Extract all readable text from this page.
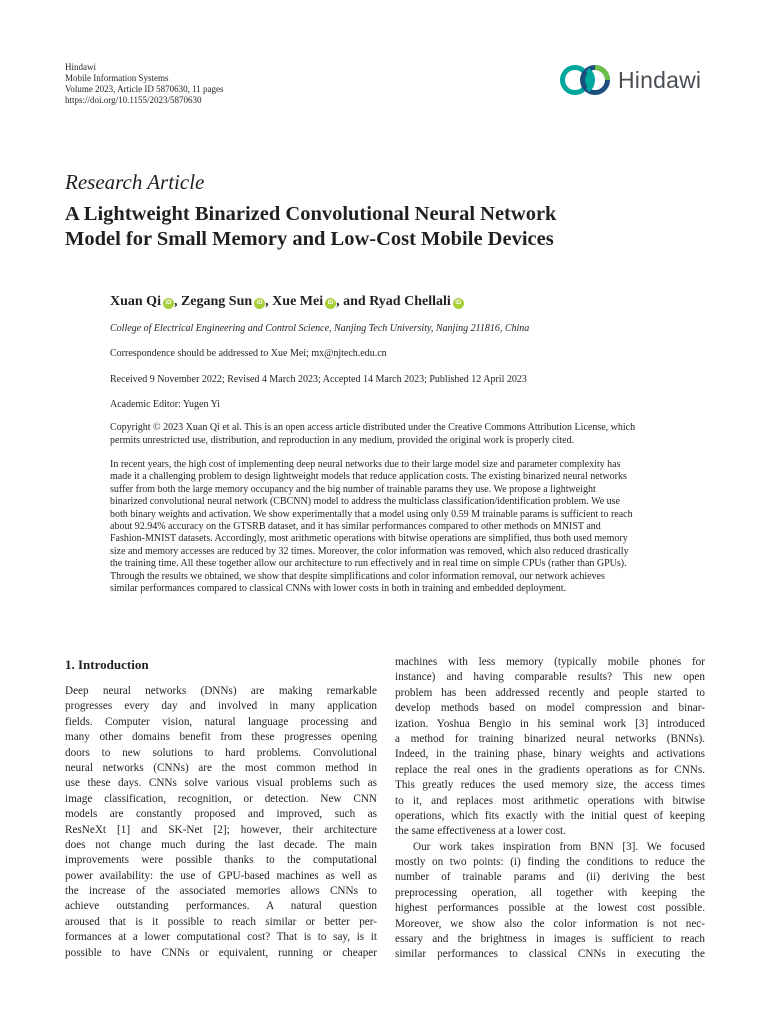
Hindawi
Mobile Information Systems
Volume 2023, Article ID 5870630, 11 pages
https://doi.org/10.1155/2023/5870630
Hindawi
Research Article
A Lightweight Binarized Convolutional Neural Network
Model for Small Memory and Low-Cost Mobile Devices
Xuan Qi iD , Zegang Sun iD , Xue Mei iD , and Ryad Chellali iD
College of Electrical Engineering and Control Science, Nanjing Tech University, Nanjing 211816, China
Correspondence should be addressed to Xue Mei; mx@njtech.edu.cn
Received 9 November 2022; Revised 4 March 2023; Accepted 14 March 2023; Published 12 April 2023
Academic Editor: Yugen Yi
Copyright © 2023 Xuan Qi et al. This is an open access article distributed under the Creative Commons Attribution License, which
permits unrestricted use, distribution, and reproduction in any medium, provided the original work is properly cited.
In recent years, the high cost of implementing deep neural networks due to their large model size and parameter complexity has
made it a challenging problem to design lightweight models that reduce application costs. The existing binarized neural networks
suffer from both the large memory occupancy and the big number of trainable params they use. We propose a lightweight
binarized convolutional neural network (CBCNN) model to address the multiclass classification/identification problem. We use
both binary weights and activation. We show experimentally that a model using only 0.59 M trainable params is sufficient to reach
about 92.94% accuracy on the GTSRB dataset, and it has similar performances compared to other methods on MNIST and
Fashion-MNIST datasets. Accordingly, most arithmetic operations with bitwise operations are simplified, thus both used memory
size and memory accesses are reduced by 32 times. Moreover, the color information was removed, which also reduced drastically
the training time. All these together allow our architecture to run effectively and in real time on simple CPUs (rather than GPUs).
Through the results we obtained, we show that despite simplifications and color information removal, our network achieves
similar performances compared to classical CNNs with lower costs in both in training and embedded deployment.
1. Introduction
Deep neural networks (DNNs) are making remarkable
progresses every day and involved in many application
fields. Computer vision, natural language processing and
many other domains benefit from these progresses opening
doors to new solutions to hard problems. Convolutional
neural networks (CNNs) are the most common method in
use these days. CNNs solve various visual problems such as
image classification, recognition, or detection. New CNN
models are constantly proposed and improved, such as
ResNeXt [1] and SK-Net [2]; however, their architecture
does not change much during the last decade. The main
improvements were possible thanks to the computational
power availability: the use of GPU-based machines as well as
the increase of the associated memories allows CNNs to
achieve outstanding performances. A natural question
aroused that is it possible to reach similar or better per-
formances at a lower computational cost? That is to say, is it
possible to have CNNs or equivalent, running or cheaper
machines with less memory (typically mobile phones for
instance) and having comparable results? This new open
problem has been addressed recently and people started to
develop methods based on model compression and binar-
ization. Yoshua Bengio in his seminal work [3] introduced
a method for training binarized neural networks (BNNs).
Indeed, in the training phase, binary weights and activations
replace the real ones in the gradients operations as for CNNs.
This greatly reduces the used memory size, the access times
to it, and replaces most arithmetic operations with bitwise
operations, which fits exactly with the initial quest of keeping
the same effectiveness at a lower cost.
Our work takes inspiration from BNN [3]. We focused
mostly on two points: (i) finding the conditions to reduce the
number of trainable params and (ii) deriving the best
preprocessing operation, all together with keeping the
highest performances possible at the lowest cost possible.
Moreover, we show also the color information is not nec-
essary and the brightness in images is sufficient to reach
similar performances to classical CNNs in executing the
